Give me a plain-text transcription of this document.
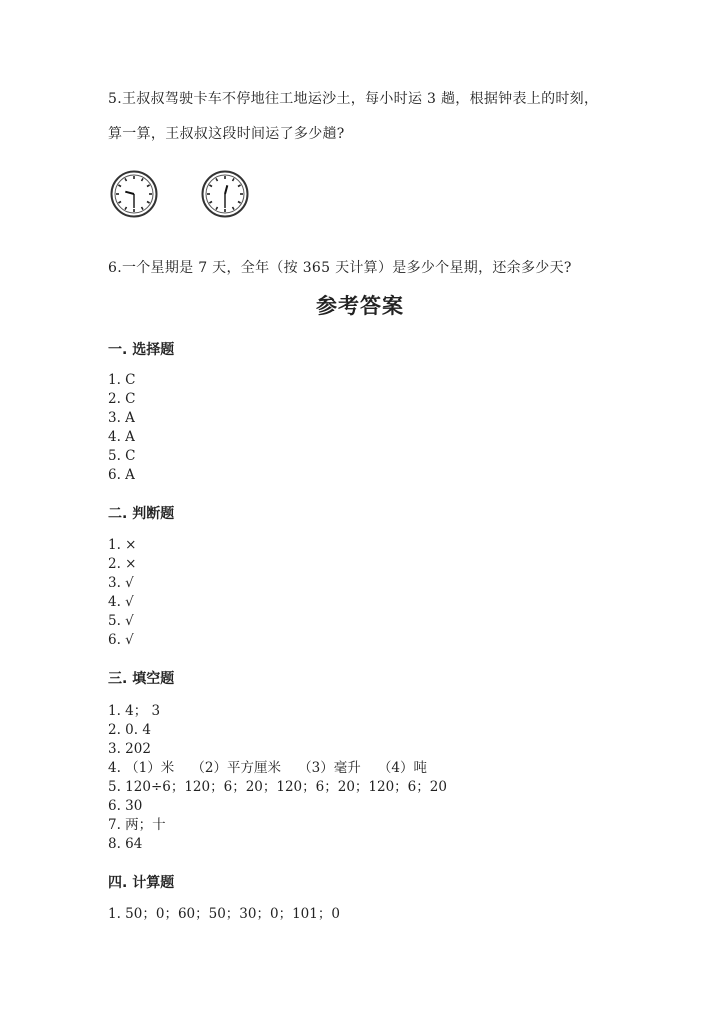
5.王叔叔驾驶卡车不停地往工地运沙土，每小时运 3 趟，根据钟表上的时刻，
算一算，王叔叔这段时间运了多少趟?
6.一个星期是 7 天，全年（按 365 天计算）是多少个星期，还余多少天?
参考答案
一. 选择题
1. C
2. C
3. A
4. A
5. C
6. A
二. 判断题
1. ×
2. ×
3. √
4. √
5. √
6. √
三. 填空题
1. 4； 3
2. 0. 4
3. 202
4. （1）米    （2）平方厘米    （3）毫升    （4）吨
5. 120÷6；120；6；20；120；6；20；120；6；20
6. 30
7. 两；十
8. 64
四. 计算题
1. 50；0；60；50；30；0；101；0
